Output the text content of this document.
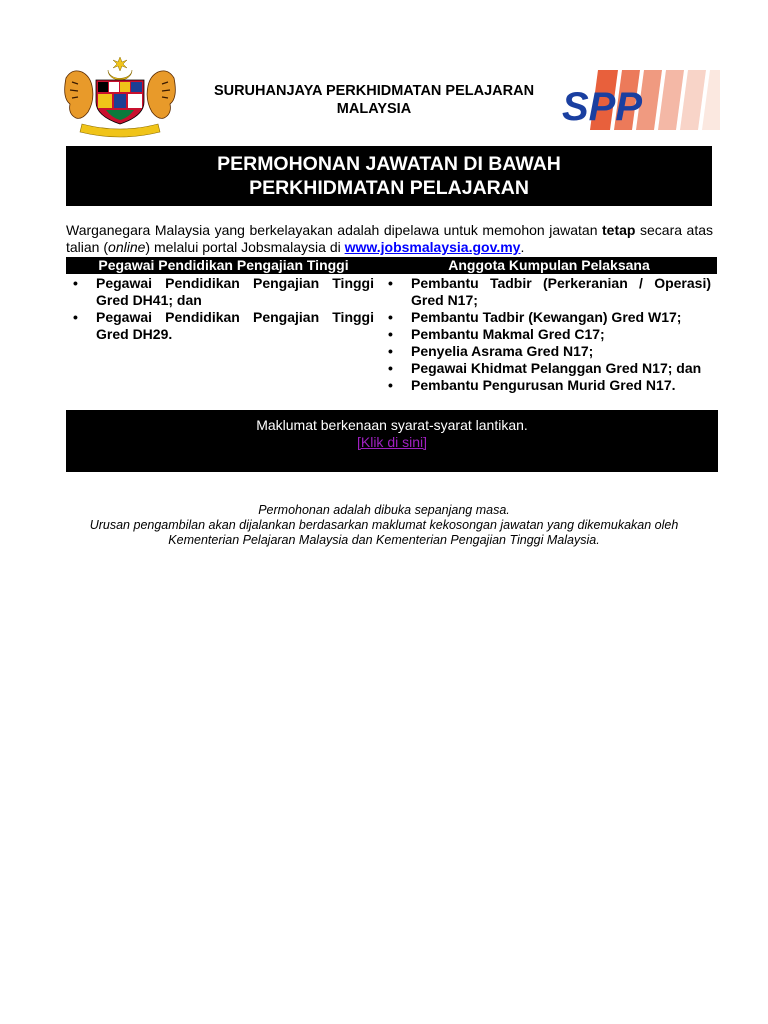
SURUHANJAYA PERKHIDMATAN PELAJARAN
MALAYSIA	SPP
PERMOHONAN JAWATAN DI BAWAH
PERKHIDMATAN PELAJARAN
Warganegara Malaysia yang berkelayakan adalah dipelawa untuk memohon jawatan tetap secara atas talian (online) melalui portal Jobsmalaysia di www.jobsmalaysia.gov.my.
Pegawai Pendidikan Pengajian Tinggi	Anggota Kumpulan Pelaksana
• Pegawai Pendidikan Pengajian Tinggi Gred DH41; dan
• Pegawai Pendidikan Pengajian Tinggi Gred DH29.
• Pembantu Tadbir (Perkeranian / Operasi) Gred N17;
• Pembantu Tadbir (Kewangan) Gred W17;
• Pembantu Makmal Gred C17;
• Penyelia Asrama Gred N17;
• Pegawai Khidmat Pelanggan Gred N17; dan
• Pembantu Pengurusan Murid Gred N17.
Maklumat berkenaan syarat-syarat lantikan.
[Klik di sini]
Permohonan adalah dibuka sepanjang masa.
Urusan pengambilan akan dijalankan berdasarkan maklumat kekosongan jawatan yang dikemukakan oleh
Kementerian Pelajaran Malaysia dan Kementerian Pengajian Tinggi Malaysia.
